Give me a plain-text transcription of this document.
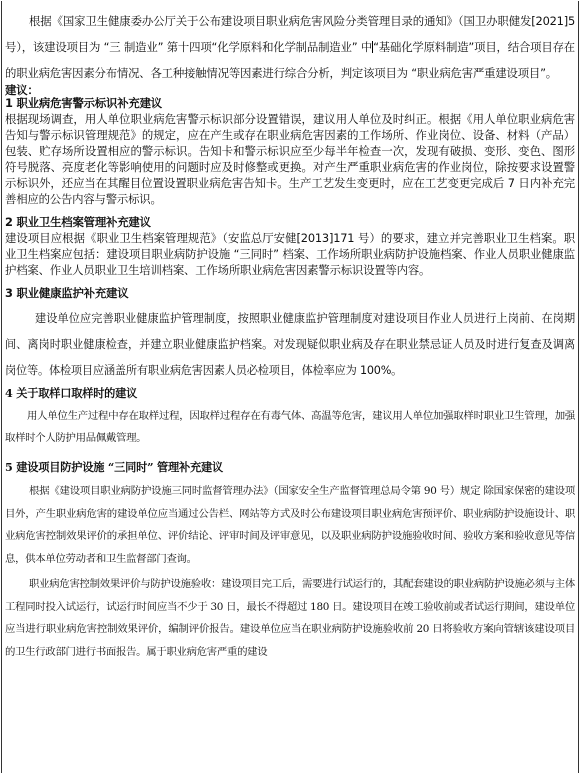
根据《国家卫生健康委办公厅关于公布建设项目职业病危害风险分类管理目录的通知》（国卫办职健发[2021]5 号），该建设项目为 “三 制造业” 第十四项“化学原料和化学制品制造业” 中“基础化学原料制造”项目，结合项目存在的职业病危害因素分布情况、各工种接触情况等因素进行综合分析，判定该项目为 “职业病危害严重建设项目”。

建议：

1 职业病危害警示标识补充建议

根据现场调查，用人单位职业病危害警示标识部分设置错误，建议用人单位及时纠正。根据《用人单位职业病危害告知与警示标识管理规范》的规定，应在产生或存在职业病危害因素的工作场所、作业岗位、设备、材料（产品）包装、贮存场所设置相应的警示标识。告知卡和警示标识应至少每半年检查一次，发现有破损、变形、变色、图形符号脱落、亮度老化等影响使用的问题时应及时修整或更换。对产生严重职业病危害的作业岗位，除按要求设置警示标识外，还应当在其醒目位置设置职业病危害告知卡。生产工艺发生变更时，应在工艺变更完成后 7 日内补充完善相应的公告内容与警示标识。

2 职业卫生档案管理补充建议

建设项目应根据《职业卫生档案管理规范》（安监总厅安健[2013]171 号）的要求，建立并完善职业卫生档案。职业卫生档案应包括：建设项目职业病防护设施 “三同时” 档案、工作场所职业病防护设施档案、作业人员职业健康监护档案、作业人员职业卫生培训档案、工作场所职业病危害因素警示标识设置等内容。

3 职业健康监护补充建议

建设单位应完善职业健康监护管理制度，按照职业健康监护管理制度对建设项目作业人员进行上岗前、在岗期间、离岗时职业健康检查，并建立职业健康监护档案。对发现疑似职业病及存在职业禁忌证人员及时进行复查及调离岗位等。体检项目应涵盖所有职业病危害因素人员必检项目，体检率应为 100%。

4 关于取样口取样时的建议

用人单位生产过程中存在取样过程，因取样过程存在有毒气体、高温等危害，建议用人单位加强取样时职业卫生管理，加强取样时个人防护用品佩戴管理。

5 建设项目防护设施 “三同时” 管理补充建议

根据《建设项目职业病防护设施三同时监督管理办法》（国家安全生产监督管理总局令第 90 号）规定 除国家保密的建设项目外，产生职业病危害的建设单位应当通过公告栏、网站等方式及时公布建设项目职业病危害预评价、职业病防护设施设计、职业病危害控制效果评价的承担单位、评价结论、评审时间及评审意见，以及职业病防护设施验收时间、验收方案和验收意见等信息，供本单位劳动者和卫生监督部门查询。

职业病危害控制效果评价与防护设施验收：建设项目完工后，需要进行试运行的，其配套建设的职业病防护设施必须与主体工程同时投入试运行，试运行时间应当不少于 30 日，最长不得超过 180 日。建设项目在竣工验收前或者试运行期间，建设单位应当进行职业病危害控制效果评价，编制评价报告。建设单位应当在职业病防护设施验收前 20 日将验收方案向管辖该建设项目的卫生行政部门进行书面报告。属于职业病危害严重的建设
